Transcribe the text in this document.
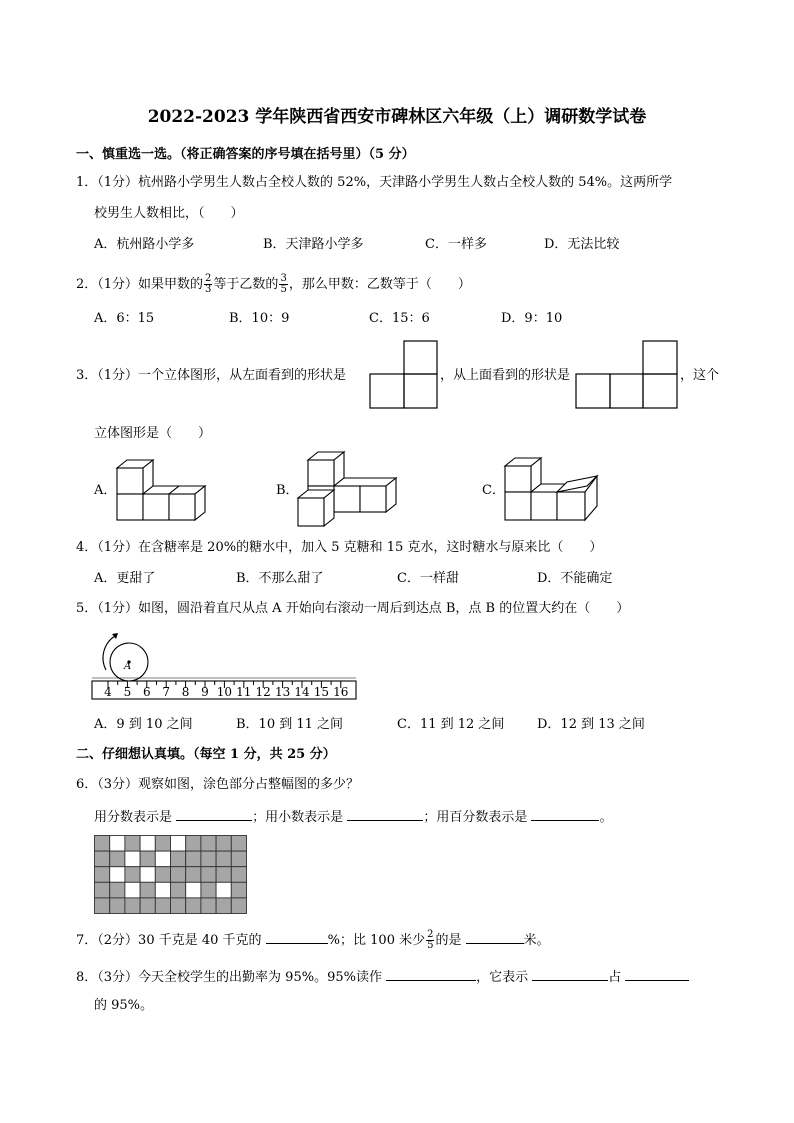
2022-2023 学年陕西省西安市碑林区六年级（上）调研数学试卷
一、慎重选一选。（将正确答案的序号填在括号里）（5 分）
1．（1分）杭州路小学男生人数占全校人数的 52%，天津路小学男生人数占全校人数的 54%。这两所学
校男生人数相比，（　　）
A．杭州路小学多	B．天津路小学多	C．一样多	D．无法比较
2．（1分）如果甲数的 $\frac{2}{3}$ 等于乙数的 $\frac{3}{5}$ ，那么甲数：乙数等于（　　）
A．6：15	B．10：9	C．15：6	D．9：10
3．（1分）一个立体图形，从左面看到的形状是	，从上面看到的形状是	，这个
立体图形是（　　）
A．	B．	C．
4．（1分）在含糖率是 20%的糖水中，加入 5 克糖和 15 克水，这时糖水与原来比（　　）
A．更甜了	B．不那么甜了	C．一样甜	D．不能确定
5．（1分）如图，圆沿着直尺从点 A 开始向右滚动一周后到达点 B，点 B 的位置大约在（　　）
A
4 5 6 7 8 9 10 11 12 13 14 15 16
A．9 到 10 之间	B．10 到 11 之间	C．11 到 12 之间	D．12 到 13 之间
二、仔细想认真填。（每空 1 分，共 25 分）
6．（3分）观察如图，涂色部分占整幅图的多少？
用分数表示是	；用小数表示是	；用百分数表示是	。
7．（2分）30 千克是 40 千克的	%；比 100 米少 $\frac{2}{5}$ 的是	米。
8．（3分）今天全校学生的出勤率为 95%。95%读作	，它表示	占
的 95%。
